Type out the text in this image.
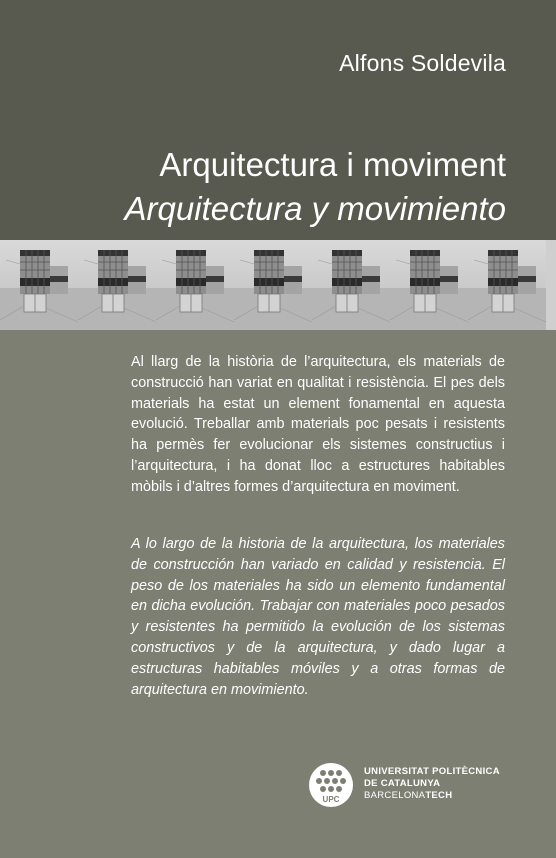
Alfons Soldevila
Arquitectura i moviment
Arquitectura y movimiento

Al llarg de la història de l’arquitectura, els materials de construcció han variat en qualitat i resistència. El pes dels materials ha estat un element fonamental en aquesta evolució. Treballar amb materials poc pesats i resistents ha permès fer evolucionar els sistemes constructius i l’arquitectura, i ha donat lloc a estructures habitables mòbils i d’altres formes d’arquitectura en moviment.

A lo largo de la historia de la arquitectura, los materiales de construcción han variado en calidad y resistencia. El peso de los materiales ha sido un elemento fundamental en dicha evolución. Trabajar con materiales poco pesados y resistentes ha permitido la evolución de los sistemas constructivos y de la arquitectura, y dado lugar a estructuras habitables móviles y a otras formas de arquitectura en movimiento.

UPC
UNIVERSITAT POLITÈCNICA
DE CATALUNYA
BARCELONATECH
